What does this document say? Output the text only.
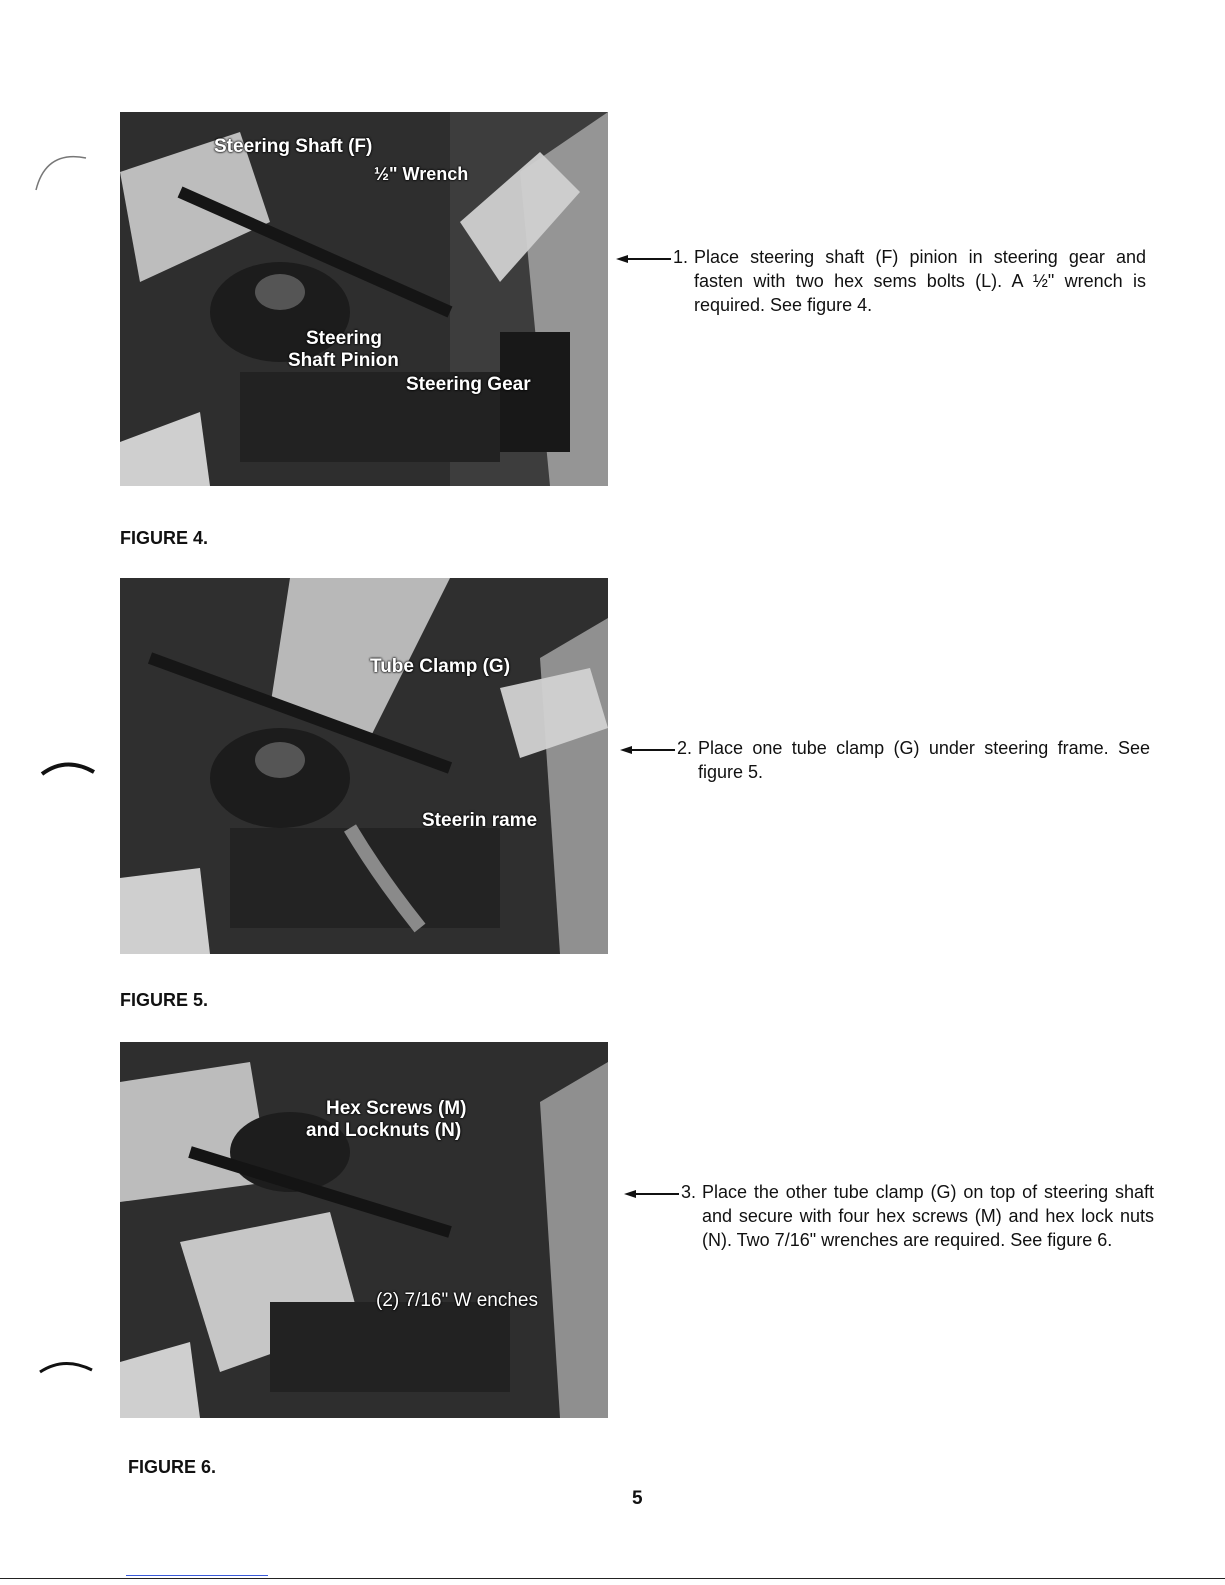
Steering Shaft (F)
½" Wrench
Steering
Shaft Pinion
Steering Gear
FIGURE 4.
Tube Clamp (G)
Steerin rame
FIGURE 5.
Hex Screws (M)
and Locknuts (N)
(2) 7/16" W enches
FIGURE 6.
1. Place steering shaft (F) pinion in steering gear and fasten with two hex sems bolts (L). A ½" wrench is required. See figure 4.
2. Place one tube clamp (G) under steering frame. See figure 5.
3. Place the other tube clamp (G) on top of steering shaft and secure with four hex screws (M) and hex lock nuts (N). Two 7/16" wrenches are required. See figure 6.
5
